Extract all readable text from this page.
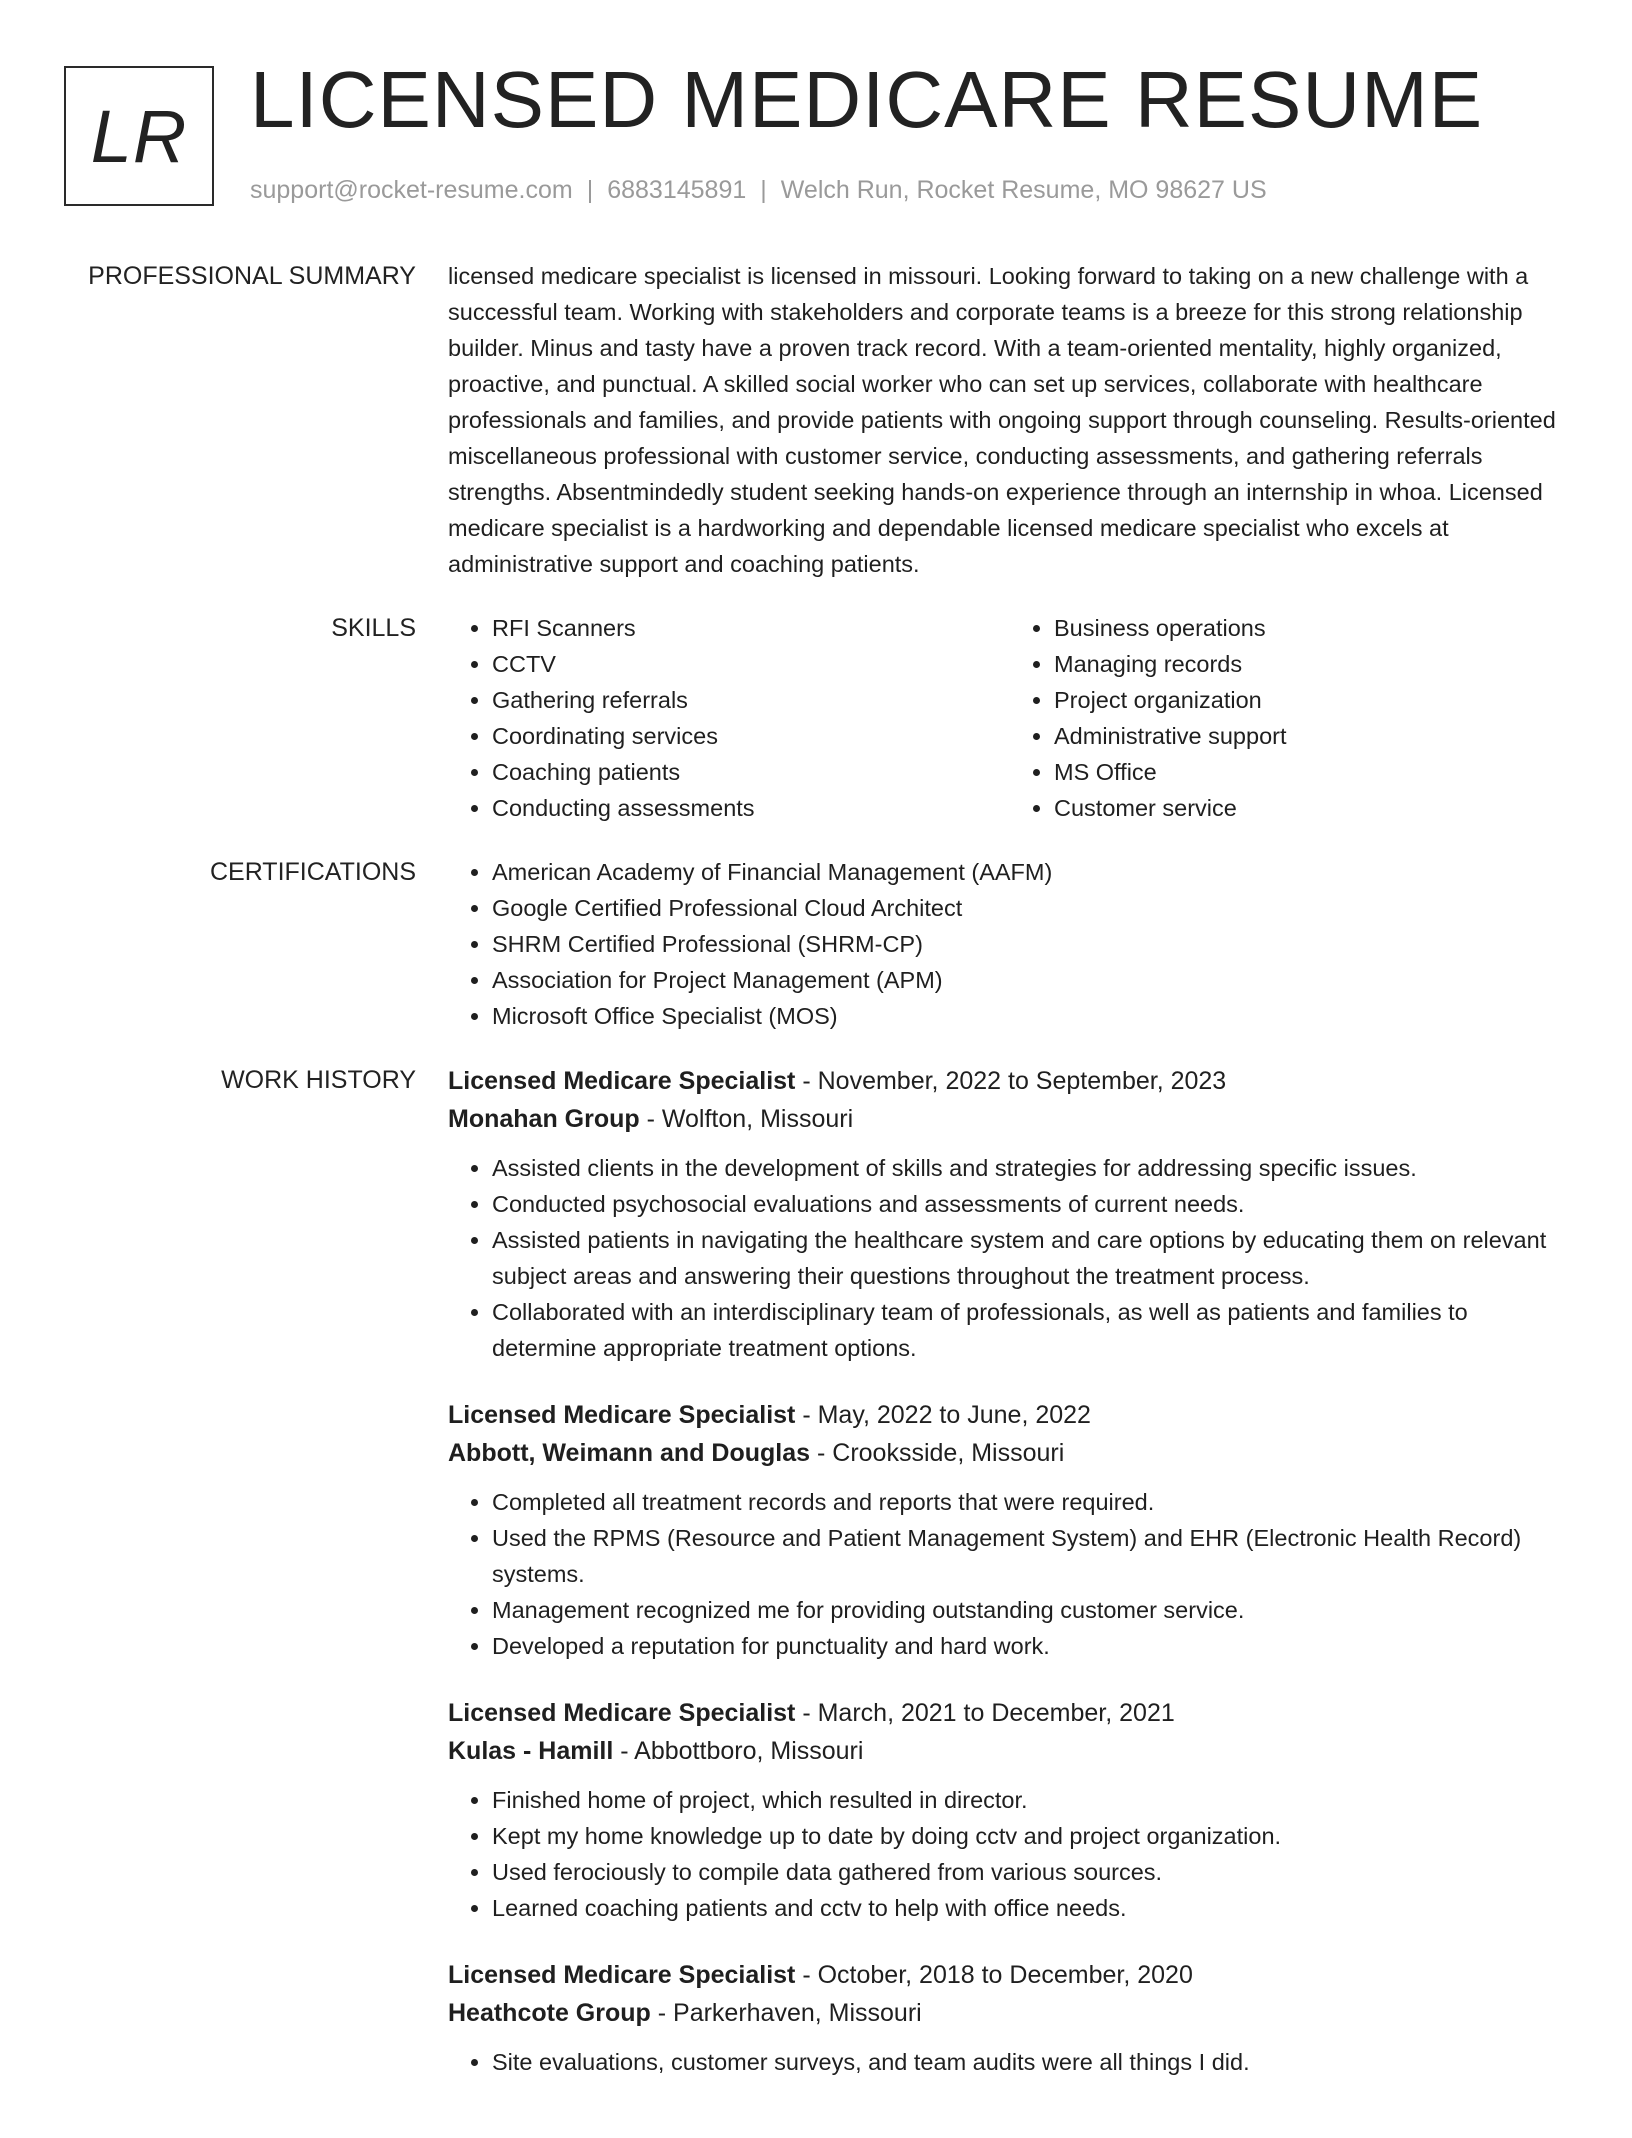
LR LICENSED MEDICARE RESUME
support@rocket-resume.com | 6883145891 | Welch Run, Rocket Resume, MO 98627 US
PROFESSIONAL SUMMARY licensed medicare specialist is licensed in missouri. Looking forward to taking on a new challenge with a successful team. Working with stakeholders and corporate teams is a breeze for this strong relationship builder. Minus and tasty have a proven track record. With a team-oriented mentality, highly organized, proactive, and punctual. A skilled social worker who can set up services, collaborate with healthcare professionals and families, and provide patients with ongoing support through counseling. Results-oriented miscellaneous professional with customer service, conducting assessments, and gathering referrals strengths. Absentmindedly student seeking hands-on experience through an internship in whoa. Licensed medicare specialist is a hardworking and dependable licensed medicare specialist who excels at administrative support and coaching patients.
SKILLS	• RFI Scanners
• CCTV
• Gathering referrals
• Coordinating services
• Coaching patients
• Conducting assessments
• Business operations
• Managing records
• Project organization
• Administrative support
• MS Office
• Customer service
CERTIFICATIONS	• American Academy of Financial Management (AAFM)
• Google Certified Professional Cloud Architect
• SHRM Certified Professional (SHRM-CP)
• Association for Project Management (APM)
• Microsoft Office Specialist (MOS)
WORK HISTORY Licensed Medicare Specialist - November, 2022 to September, 2023
Monahan Group - Wolfton, Missouri
• Assisted clients in the development of skills and strategies for addressing specific issues.
• Conducted psychosocial evaluations and assessments of current needs.
• Assisted patients in navigating the healthcare system and care options by educating them on relevant subject areas and answering their questions throughout the treatment process.
• Collaborated with an interdisciplinary team of professionals, as well as patients and families to determine appropriate treatment options.
Licensed Medicare Specialist - May, 2022 to June, 2022
Abbott, Weimann and Douglas - Crooksside, Missouri
• Completed all treatment records and reports that were required.
• Used the RPMS (Resource and Patient Management System) and EHR (Electronic Health Record) systems.
• Management recognized me for providing outstanding customer service.
• Developed a reputation for punctuality and hard work.
Licensed Medicare Specialist - March, 2021 to December, 2021
Kulas - Hamill - Abbottboro, Missouri
• Finished home of project, which resulted in director.
• Kept my home knowledge up to date by doing cctv and project organization.
• Used ferociously to compile data gathered from various sources.
• Learned coaching patients and cctv to help with office needs.
Licensed Medicare Specialist - October, 2018 to December, 2020
Heathcote Group - Parkerhaven, Missouri
• Site evaluations, customer surveys, and team audits were all things I did.
